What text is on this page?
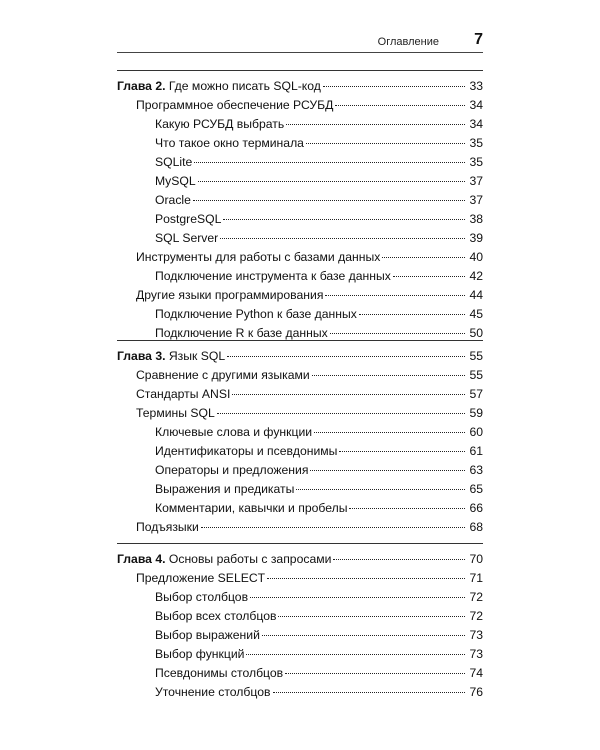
Оглавление 7
Глава 2. Где можно писать SQL-код	33
Программное обеспечение РСУБД	34
Какую РСУБД выбрать	34
Что такое окно терминала	35
SQLite	35
MySQL	37
Oracle	37
PostgreSQL	38
SQL Server	39
Инструменты для работы с базами данных	40
Подключение инструмента к базе данных	42
Другие языки программирования	44
Подключение Python к базе данных	45
Подключение R к базе данных	50
Глава 3. Язык SQL	55
Сравнение с другими языками	55
Стандарты ANSI	57
Термины SQL	59
Ключевые слова и функции	60
Идентификаторы и псевдонимы	61
Операторы и предложения	63
Выражения и предикаты	65
Комментарии, кавычки и пробелы	66
Подъязыки	68
Глава 4. Основы работы с запросами	70
Предложение SELECT	71
Выбор столбцов	72
Выбор всех столбцов	72
Выбор выражений	73
Выбор функций	73
Псевдонимы столбцов	74
Уточнение столбцов	76
